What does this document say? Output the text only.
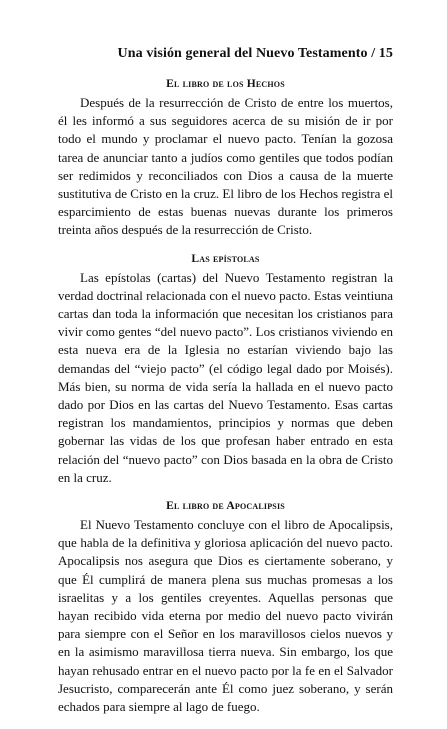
Una visión general del Nuevo Testamento / 15
El libro de los Hechos

Después de la resurrección de Cristo de entre los muertos, él les informó a sus seguidores acerca de su misión de ir por todo el mundo y proclamar el nuevo pacto. Tenían la gozosa tarea de anunciar tanto a judíos como gentiles que todos podían ser redimidos y reconciliados con Dios a causa de la muerte sustitutiva de Cristo en la cruz. El libro de los Hechos registra el esparcimiento de estas buenas nuevas durante los primeros treinta años después de la resurrección de Cristo.

Las epístolas

Las epístolas (cartas) del Nuevo Testamento registran la verdad doctrinal relacionada con el nuevo pacto. Estas veintiuna cartas dan toda la información que necesitan los cristianos para vivir como gentes “del nuevo pacto”. Los cristianos viviendo en esta nueva era de la Iglesia no estarían viviendo bajo las demandas del “viejo pacto” (el código legal dado por Moisés). Más bien, su norma de vida sería la hallada en el nuevo pacto dado por Dios en las cartas del Nuevo Testamento. Esas cartas registran los mandamientos, principios y normas que deben gobernar las vidas de los que profesan haber entrado en esta relación del “nuevo pacto” con Dios basada en la obra de Cristo en la cruz.

El libro de Apocalipsis

El Nuevo Testamento concluye con el libro de Apocalipsis, que habla de la definitiva y gloriosa aplicación del nuevo pacto. Apocalipsis nos asegura que Dios es ciertamente soberano, y que Él cumplirá de manera plena sus muchas promesas a los israelitas y a los gentiles creyentes. Aquellas personas que hayan recibido vida eterna por medio del nuevo pacto vivirán para siempre con el Señor en los maravillosos cielos nuevos y en la asimismo maravillosa tierra nueva. Sin embargo, los que hayan rehusado entrar en el nuevo pacto por la fe en el Salvador Jesucristo, comparecerán ante Él como juez soberano, y serán echados para siempre al lago de fuego.
